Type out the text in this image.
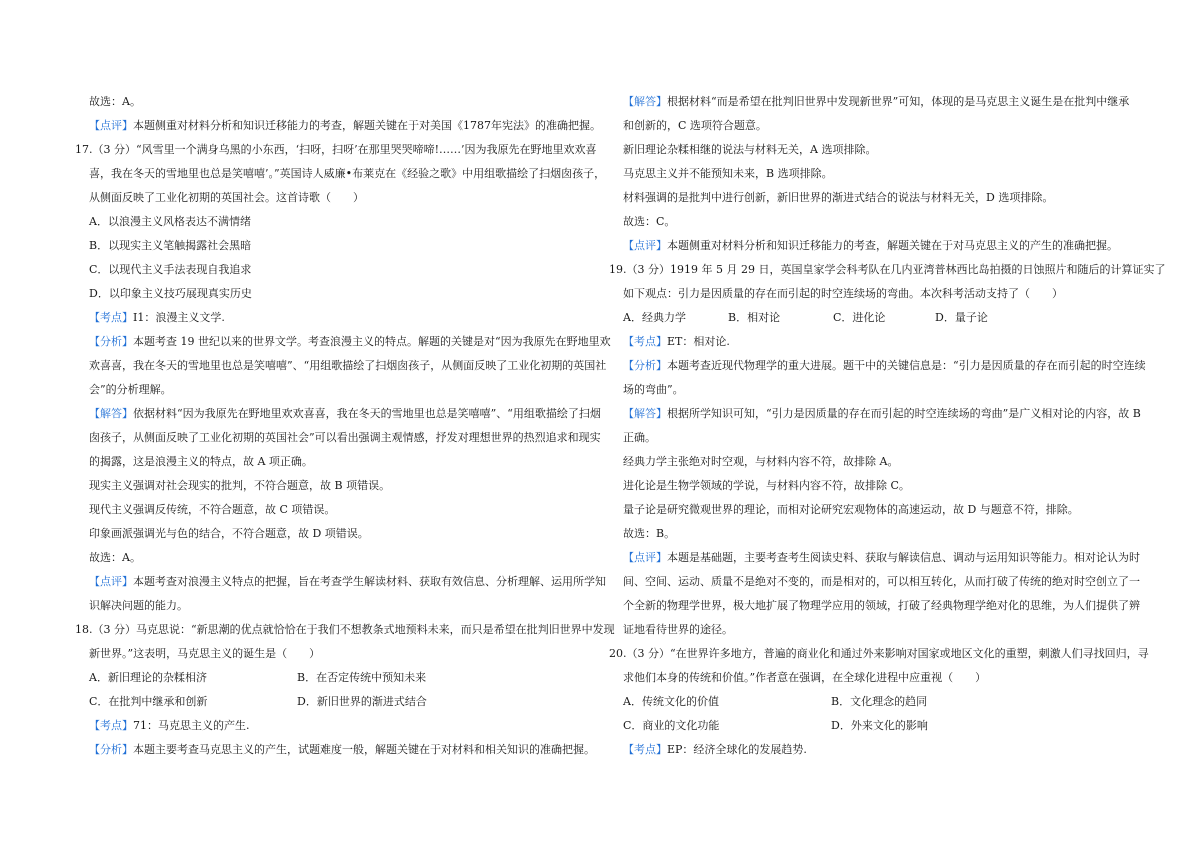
故选：A。
【点评】本题侧重对材料分析和知识迁移能力的考查，解题关键在于对美国《1787年宪法》的准确把握。
17.（3 分）“风雪里一个满身乌黑的小东西，‘扫呀，扫呀’在那里哭哭啼啼!……’因为我原先在野地里欢欢喜
喜，我在冬天的雪地里也总是笑嘻嘻’。”英国诗人威廉•布莱克在《经验之歌》中用组歌描绘了扫烟囱孩子，
从侧面反映了工业化初期的英国社会。这首诗歌（　　）
A．以浪漫主义风格表达不满情绪
B．以现实主义笔触揭露社会黑暗
C．以现代主义手法表现自我追求
D．以印象主义技巧展现真实历史
【考点】I1：浪漫主义文学.
【分析】本题考查 19 世纪以来的世界文学。考查浪漫主义的特点。解题的关键是对“因为我原先在野地里欢
欢喜喜，我在冬天的雪地里也总是笑嘻嘻”、“用组歌描绘了扫烟囱孩子，从侧面反映了工业化初期的英国社
会”的分析理解。
【解答】依据材料“因为我原先在野地里欢欢喜喜，我在冬天的雪地里也总是笑嘻嘻”、“用组歌描绘了扫烟
囱孩子，从侧面反映了工业化初期的英国社会”可以看出强调主观情感，抒发对理想世界的热烈追求和现实
的揭露，这是浪漫主义的特点，故 A 项正确。
现实主义强调对社会现实的批判，不符合题意，故 B 项错误。
现代主义强调反传统，不符合题意，故 C 项错误。
印象画派强调光与色的结合，不符合题意，故 D 项错误。
故选：A。
【点评】本题考查对浪漫主义特点的把握，旨在考查学生解读材料、获取有效信息、分析理解、运用所学知
识解决问题的能力。
18.（3 分）马克思说：“新思潮的优点就恰恰在于我们不想教条式地预料未来，而只是希望在批判旧世界中发现
新世界。”这表明，马克思主义的诞生是（　　）
A．新旧理论的杂糅相济	B．在否定传统中预知未来
C．在批判中继承和创新	D．新旧世界的渐进式结合
【考点】71：马克思主义的产生.
【分析】本题主要考查马克思主义的产生，试题难度一般，解题关键在于对材料和相关知识的准确把握。
【解答】根据材料“而是希望在批判旧世界中发现新世界”可知，体现的是马克思主义诞生是在批判中继承
和创新的，C 选项符合题意。
新旧理论杂糅相继的说法与材料无关，A 选项排除。
马克思主义并不能预知未来，B 选项排除。
材料强调的是批判中进行创新，新旧世界的渐进式结合的说法与材料无关，D 选项排除。
故选：C。
【点评】本题侧重对材料分析和知识迁移能力的考查，解题关键在于对马克思主义的产生的准确把握。
19.（3 分）1919 年 5 月 29 日，英国皇家学会科考队在几内亚湾普林西比岛拍摄的日蚀照片和随后的计算证实了
如下观点：引力是因质量的存在而引起的时空连续场的弯曲。本次科考活动支持了（　　）
A．经典力学	B．相对论	C．进化论	D．量子论
【考点】ET：相对论.
【分析】本题考查近现代物理学的重大进展。题干中的关键信息是：“引力是因质量的存在而引起的时空连续
场的弯曲”。
【解答】根据所学知识可知，“引力是因质量的存在而引起的时空连续场的弯曲”是广义相对论的内容，故 B
正确。
经典力学主张绝对时空观，与材料内容不符，故排除 A。
进化论是生物学领域的学说，与材料内容不符，故排除 C。
量子论是研究微观世界的理论，而相对论研究宏观物体的高速运动，故 D 与题意不符，排除。
故选：B。
【点评】本题是基础题，主要考查考生阅读史料、获取与解读信息、调动与运用知识等能力。相对论认为时
间、空间、运动、质量不是绝对不变的，而是相对的，可以相互转化，从而打破了传统的绝对时空创立了一
个全新的物理学世界，极大地扩展了物理学应用的领域，打破了经典物理学绝对化的思维，为人们提供了辨
证地看待世界的途径。
20.（3 分）“在世界许多地方，普遍的商业化和通过外来影响对国家或地区文化的重塑，刺激人们寻找回归，寻
求他们本身的传统和价值。”作者意在强调，在全球化进程中应重视（　　）
A．传统文化的价值	B．文化理念的趋同
C．商业的文化功能	D．外来文化的影响
【考点】EP：经济全球化的发展趋势.
